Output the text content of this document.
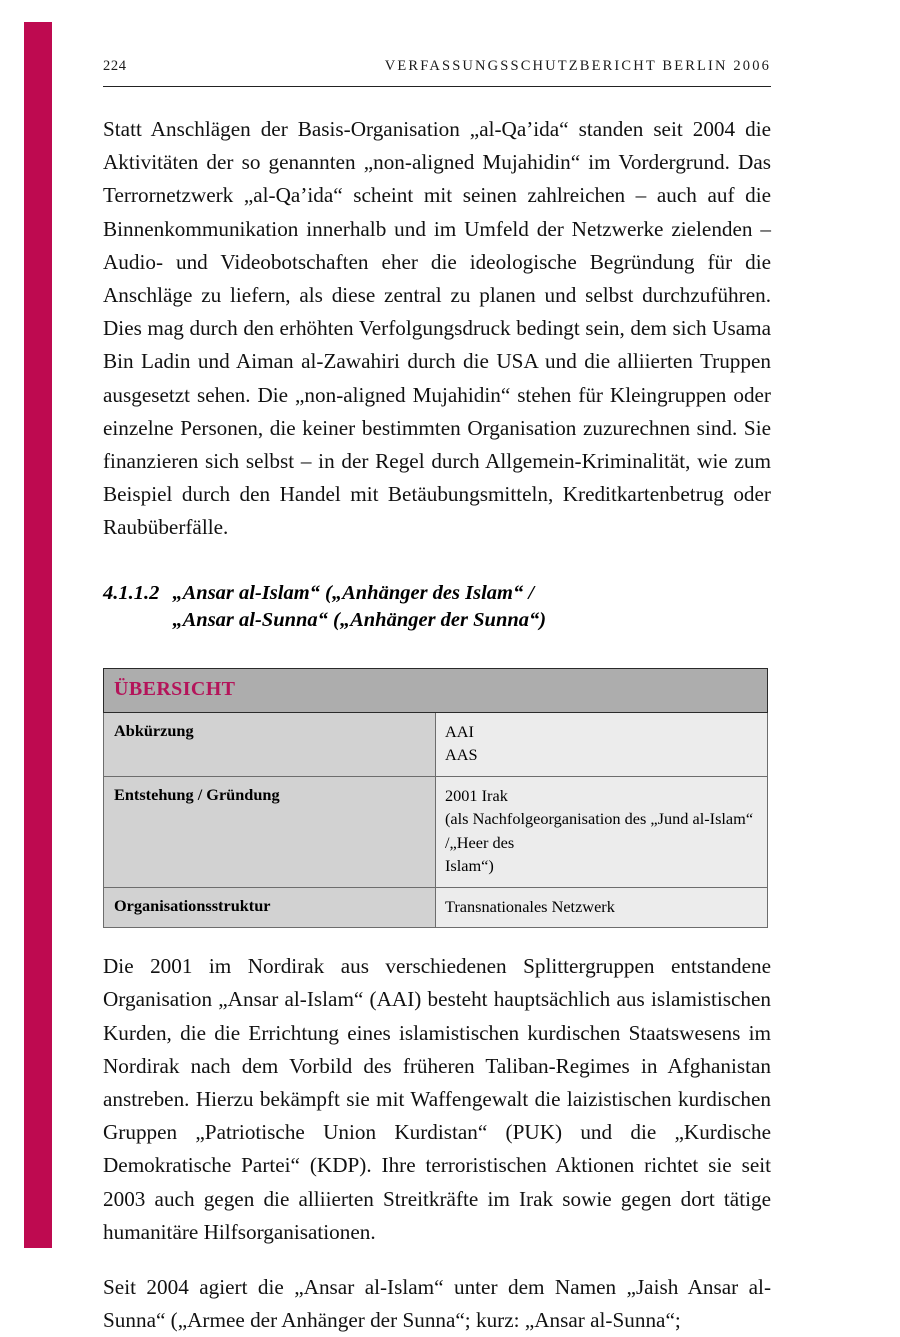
224	VERFASSUNGSSCHUTZBERICHT BERLIN 2006

Statt Anschlägen der Basis-Organisation „al-Qa’ida“ standen seit 2004 die Aktivitäten der so genannten „non-aligned Mujahidin“ im Vordergrund. Das Terrornetzwerk „al-Qa’ida“ scheint mit seinen zahlreichen – auch auf die Binnenkommunikation innerhalb und im Umfeld der Netzwerke zielenden – Audio- und Videobotschaften eher die ideologische Begründung für die Anschläge zu liefern, als diese zentral zu planen und selbst durchzuführen. Dies mag durch den erhöhten Verfolgungsdruck bedingt sein, dem sich Usama Bin Ladin und Aiman al-Zawahiri durch die USA und die alliierten Truppen ausgesetzt sehen. Die „non-aligned Mujahidin“ stehen für Kleingruppen oder einzelne Personen, die keiner bestimmten Organisation zuzurechnen sind. Sie finanzieren sich selbst – in der Regel durch Allgemein-Kriminalität, wie zum Beispiel durch den Handel mit Betäubungsmitteln, Kreditkartenbetrug oder Raubüberfälle.

4.1.1.2 „Ansar al-Islam“ („Anhänger des Islam“ /
„Ansar al-Sunna“ („Anhänger der Sunna“)
ÜBERSICHT	
Abkürzung	AAI
AAS

Entstehung / Gründung	2001 Irak
(als Nachfolgeorganisation des „Jund al-Islam“ /„Heer des
Islam“)

Organisationsstruktur	Transnationales Netzwerk

Die 2001 im Nordirak aus verschiedenen Splittergruppen entstandene Organisation „Ansar al-Islam“ (AAI) besteht hauptsächlich aus islamistischen Kurden, die die Errichtung eines islamistischen kurdischen Staatswesens im Nordirak nach dem Vorbild des früheren Taliban-Regimes in Afghanistan anstreben. Hierzu bekämpft sie mit Waffengewalt die laizistischen kurdischen Gruppen „Patriotische Union Kurdistan“ (PUK) und die „Kurdische Demokratische Partei“ (KDP). Ihre terroristischen Aktionen richtet sie seit 2003 auch gegen die alliierten Streitkräfte im Irak sowie gegen dort tätige humanitäre Hilfsorganisationen.

Seit 2004 agiert die „Ansar al-Islam“ unter dem Namen „Jaish Ansar al-Sunna“ („Armee der Anhänger der Sunna“; kurz: „Ansar al-Sunna“;
